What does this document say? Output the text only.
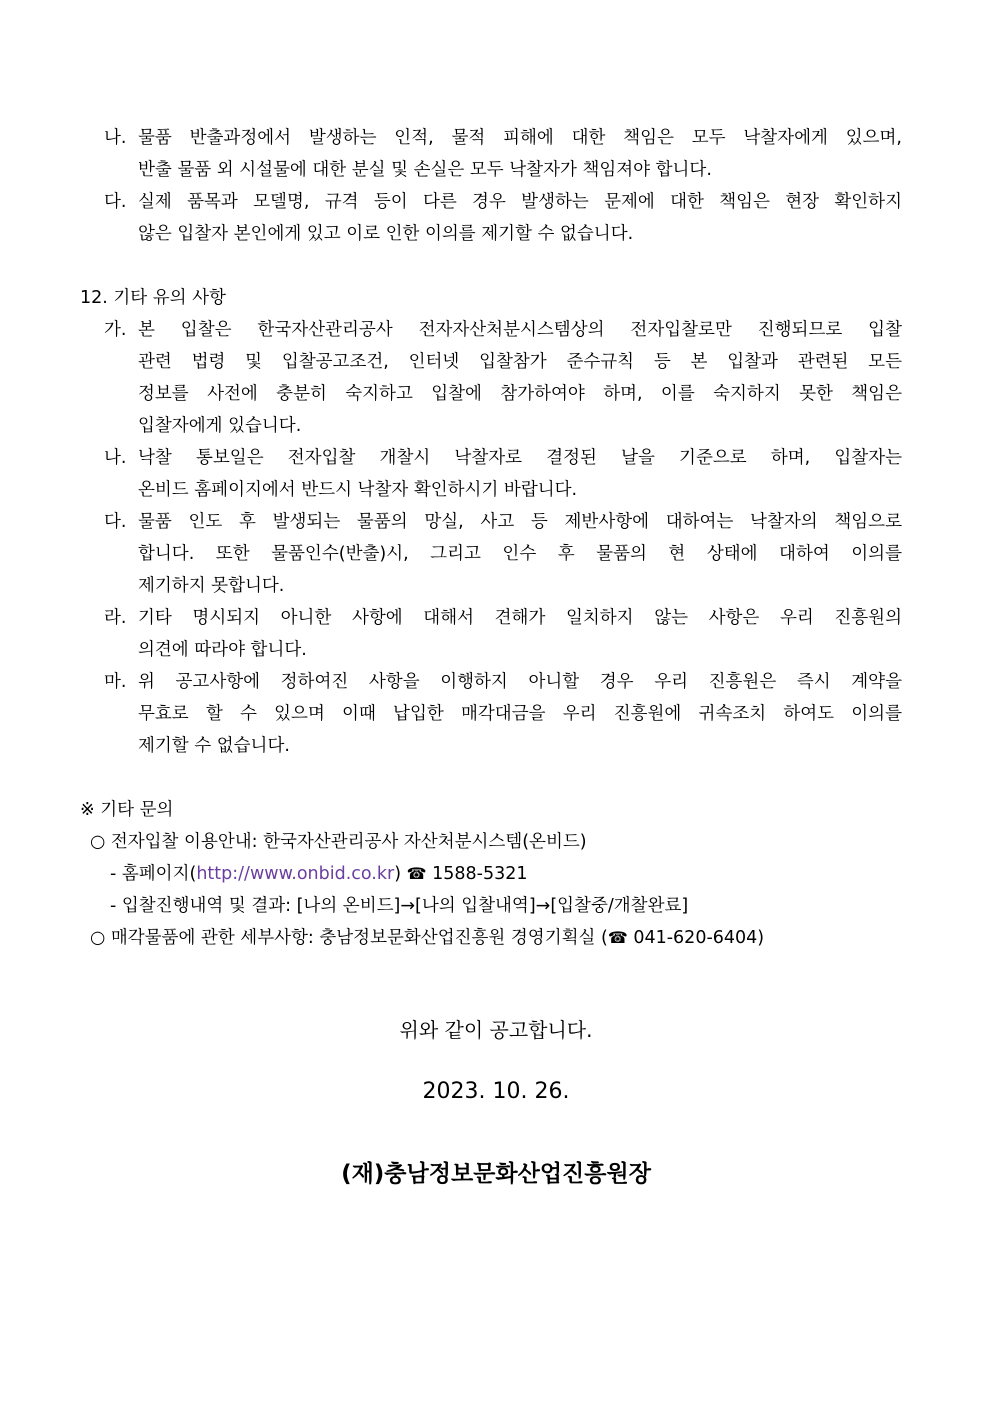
나. 물품 반출과정에서 발생하는 인적, 물적 피해에 대한 책임은 모두 낙찰자에게 있으며,
반출 물품 외 시설물에 대한 분실 및 손실은 모두 낙찰자가 책임져야 합니다.
다. 실제 품목과 모델명, 규격 등이 다른 경우 발생하는 문제에 대한 책임은 현장 확인하지
않은 입찰자 본인에게 있고 이로 인한 이의를 제기할 수 없습니다.
12. 기타 유의 사항
가. 본 입찰은 한국자산관리공사 전자자산처분시스템상의 전자입찰로만 진행되므로 입찰
관련 법령 및 입찰공고조건, 인터넷 입찰참가 준수규칙 등 본 입찰과 관련된 모든
정보를 사전에 충분히 숙지하고 입찰에 참가하여야 하며, 이를 숙지하지 못한 책임은
입찰자에게 있습니다.
나. 낙찰 통보일은 전자입찰 개찰시 낙찰자로 결정된 날을 기준으로 하며, 입찰자는
온비드 홈페이지에서 반드시 낙찰자 확인하시기 바랍니다.
다. 물품 인도 후 발생되는 물품의 망실, 사고 등 제반사항에 대하여는 낙찰자의 책임으로
합니다. 또한 물품인수(반출)시, 그리고 인수 후 물품의 현 상태에 대하여 이의를
제기하지 못합니다.
라. 기타 명시되지 아니한 사항에 대해서 견해가 일치하지 않는 사항은 우리 진흥원의
의견에 따라야 합니다.
마. 위 공고사항에 정하여진 사항을 이행하지 아니할 경우 우리 진흥원은 즉시 계약을
무효로 할 수 있으며 이때 납입한 매각대금을 우리 진흥원에 귀속조치 하여도 이의를
제기할 수 없습니다.
※ 기타 문의
○ 전자입찰 이용안내: 한국자산관리공사 자산처분시스템(온비드)
- 홈페이지(http://www.onbid.co.kr) ☎ 1588-5321
- 입찰진행내역 및 결과: [나의 온비드]→[나의 입찰내역]→[입찰중/개찰완료]
○ 매각물품에 관한 세부사항: 충남정보문화산업진흥원 경영기획실 (☎ 041-620-6404)
위와 같이 공고합니다.
2023. 10. 26.
(재)충남정보문화산업진흥원장
